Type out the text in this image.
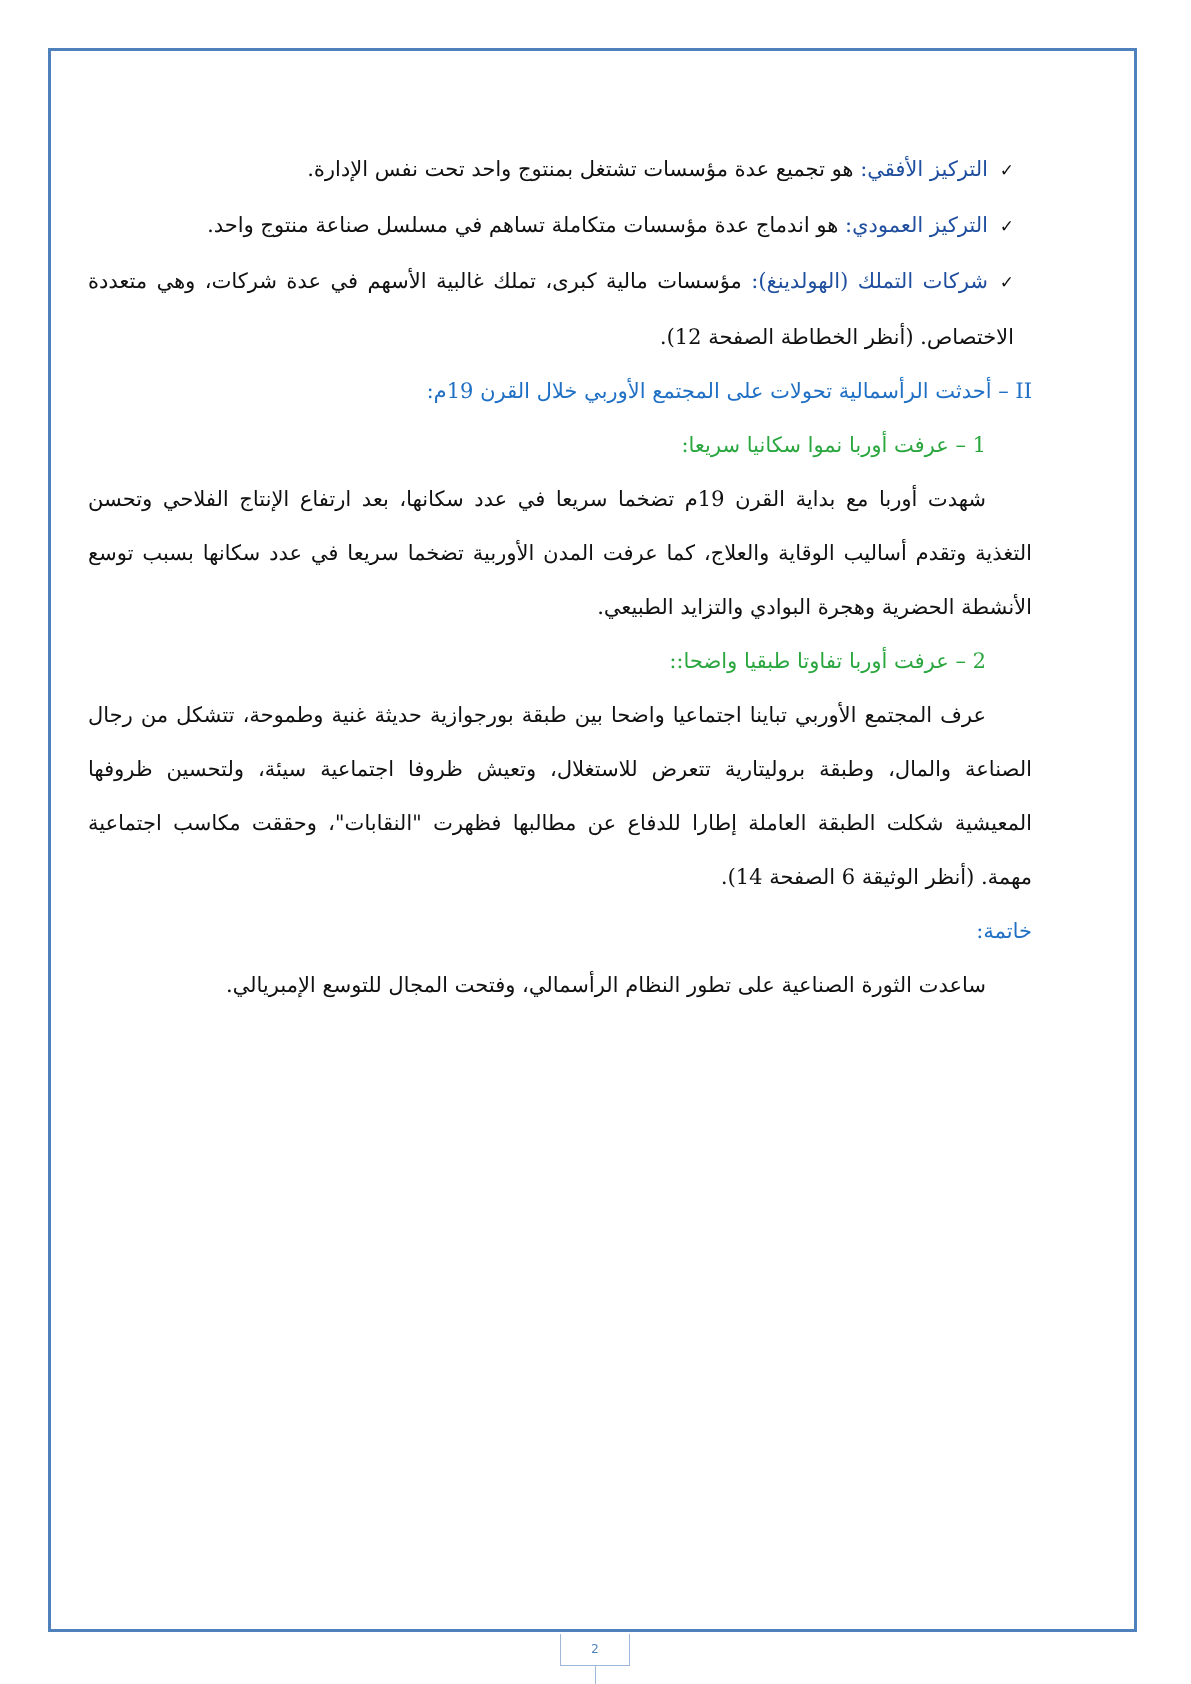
✓التركيز الأفقي: هو تجميع عدة مؤسسات تشتغل بمنتوج واحد تحت نفس الإدارة.
✓التركيز العمودي: هو اندماج عدة مؤسسات متكاملة تساهم في مسلسل صناعة منتوج واحد.
✓شركات التملك (الهولدينغ): مؤسسات مالية كبرى، تملك غالبية الأسهم في عدة شركات، وهي متعددة الاختصاص. (أنظر الخطاطة الصفحة 12).
II – أحدثت الرأسمالية تحولات على المجتمع الأوربي خلال القرن 19م:
1 – عرفت أوربا نموا سكانيا سريعا:
شهدت أوربا مع بداية القرن 19م تضخما سريعا في عدد سكانها، بعد ارتفاع الإنتاج الفلاحي وتحسن التغذية وتقدم أساليب الوقاية والعلاج، كما عرفت المدن الأوربية تضخما سريعا في عدد سكانها بسبب توسع الأنشطة الحضرية وهجرة البوادي والتزايد الطبيعي.
2 – عرفت أوربا تفاوتا طبقيا واضحا::
عرف المجتمع الأوربي تباينا اجتماعيا واضحا بين طبقة بورجوازية حديثة غنية وطموحة، تتشكل من رجال الصناعة والمال، وطبقة بروليتارية تتعرض للاستغلال، وتعيش ظروفا اجتماعية سيئة، ولتحسين ظروفها المعيشية شكلت الطبقة العاملة إطارا للدفاع عن مطالبها فظهرت "النقابات"، وحققت مكاسب اجتماعية مهمة. (أنظر الوثيقة 6 الصفحة 14).
خاتمة:
ساعدت الثورة الصناعية على تطور النظام الرأسمالي، وفتحت المجال للتوسع الإمبريالي.
2
